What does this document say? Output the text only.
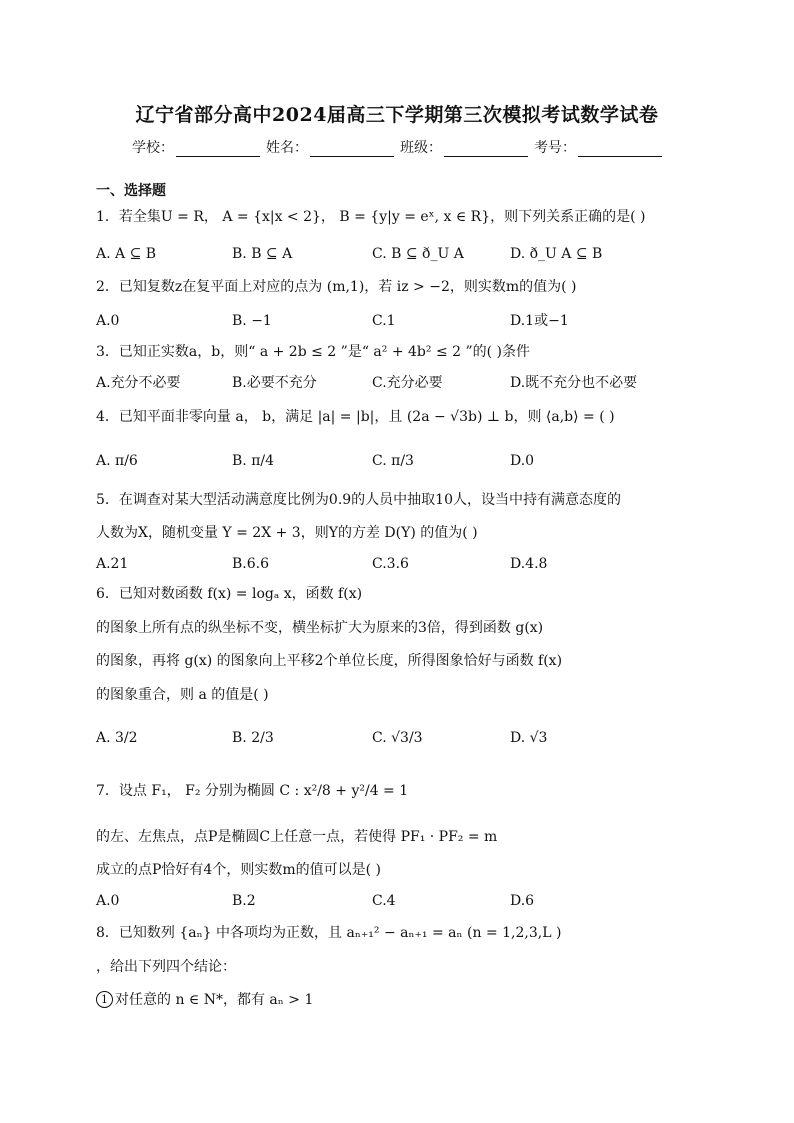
辽宁省部分高中2024届高三下学期第三次模拟考试数学试卷
学校：	姓名：	班级：	考号：
一、选择题
1．若全集U = R， A = {x|x < 2}， B = {y|y = eˣ, x ∈ R}，则下列关系正确的是( )
A. A ⊆ B	B. B ⊆ A	C. B ⊆ ð_U A	D. ð_U A ⊆ B
2．已知复数z在复平面上对应的点为 (m,1)，若 iz > −2，则实数m的值为( )
A.0	B. −1	C.1	D.1或−1
3．已知正实数a，b，则“ a + 2b ≤ 2 ”是“ a² + 4b² ≤ 2 ”的( )条件
A.充分不必要	B.必要不充分	C.充分必要	D.既不充分也不必要
4．已知平面非零向量 a， b，满足 |a| = |b|，且 (2a − √3b) ⊥ b，则 ⟨a,b⟩ = ( )
A. π/6	B. π/4	C. π/3	D.0
5．在调查对某大型活动满意度比例为0.9的人员中抽取10人，设当中持有满意态度的
人数为X，随机变量 Y = 2X + 3，则Y的方差 D(Y) 的值为( )
A.21	B.6.6	C.3.6	D.4.8
6．已知对数函数 f(x) = logₐ x，函数 f(x)
的图象上所有点的纵坐标不变，横坐标扩大为原来的3倍，得到函数 g(x)
的图象，再将 g(x) 的图象向上平移2个单位长度，所得图象恰好与函数 f(x)
的图象重合，则 a 的值是( )
A. 3/2	B. 2/3	C. √3/3	D. √3
7．设点 F₁， F₂ 分别为椭圆 C : x²/8 + y²/4 = 1
的左、左焦点，点P是椭圆C上任意一点，若使得 PF₁ · PF₂ = m
成立的点P恰好有4个，则实数m的值可以是( )
A.0	B.2	C.4	D.6
8．已知数列 {aₙ} 中各项均为正数，且 aₙ₊₁² − aₙ₊₁ = aₙ (n = 1,2,3,L )
，给出下列四个结论：
1 对任意的 n ∈ N*，都有 aₙ > 1
